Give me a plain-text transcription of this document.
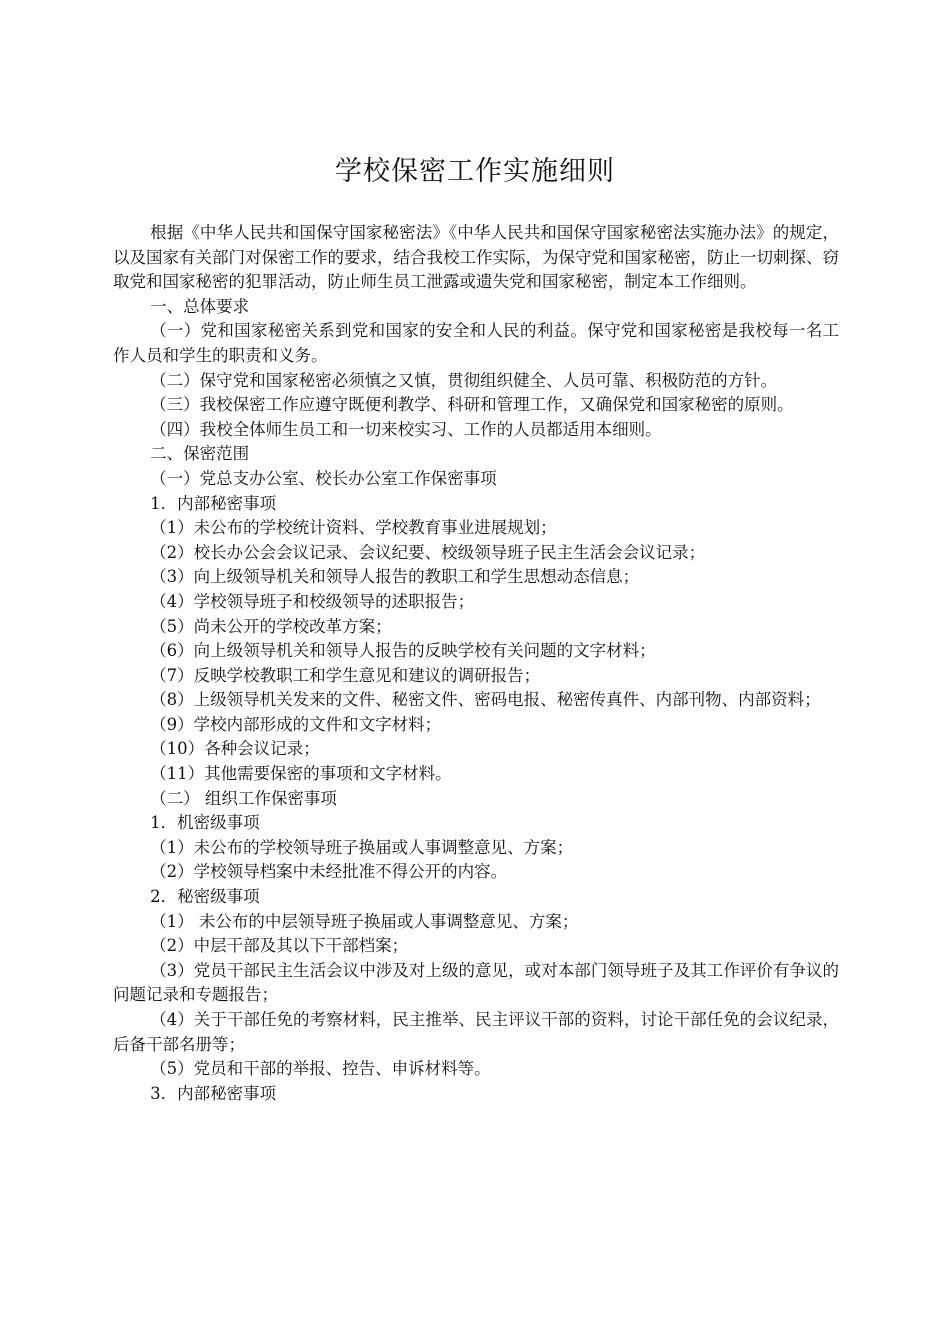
学校保密工作实施细则

根据《中华人民共和国保守国家秘密法》《中华人民共和国保守国家秘密法实施办法》的规定，以及国家有关部门对保密工作的要求，结合我校工作实际，为保守党和国家秘密，防止一切刺探、窃取党和国家秘密的犯罪活动，防止师生员工泄露或遗失党和国家秘密，制定本工作细则。

一、总体要求

（一）党和国家秘密关系到党和国家的安全和人民的利益。保守党和国家秘密是我校每一名工作人员和学生的职责和义务。

（二）保守党和国家秘密必须慎之又慎，贯彻组织健全、人员可靠、积极防范的方针。

（三）我校保密工作应遵守既便利教学、科研和管理工作，又确保党和国家秘密的原则。

（四）我校全体师生员工和一切来校实习、工作的人员都适用本细则。

二、保密范围

（一）党总支办公室、校长办公室工作保密事项

1．内部秘密事项

（1）未公布的学校统计资料、学校教育事业进展规划；

（2）校长办公会会议记录、会议纪要、校级领导班子民主生活会会议记录；

（3）向上级领导机关和领导人报告的教职工和学生思想动态信息；

（4）学校领导班子和校级领导的述职报告；

（5）尚未公开的学校改革方案；

（6）向上级领导机关和领导人报告的反映学校有关问题的文字材料；

（7）反映学校教职工和学生意见和建议的调研报告；

（8）上级领导机关发来的文件、秘密文件、密码电报、秘密传真件、内部刊物、内部资料；

（9）学校内部形成的文件和文字材料；

（10）各种会议记录；

（11）其他需要保密的事项和文字材料。

（二） 组织工作保密事项

1．机密级事项

（1）未公布的学校领导班子换届或人事调整意见、方案；

（2）学校领导档案中未经批准不得公开的内容。

2．秘密级事项

（1） 未公布的中层领导班子换届或人事调整意见、方案；

（2）中层干部及其以下干部档案；

（3）党员干部民主生活会议中涉及对上级的意见，或对本部门领导班子及其工作评价有争议的问题记录和专题报告；

（4）关于干部任免的考察材料，民主推举、民主评议干部的资料，讨论干部任免的会议纪录，后备干部名册等；

（5）党员和干部的举报、控告、申诉材料等。

3．内部秘密事项
